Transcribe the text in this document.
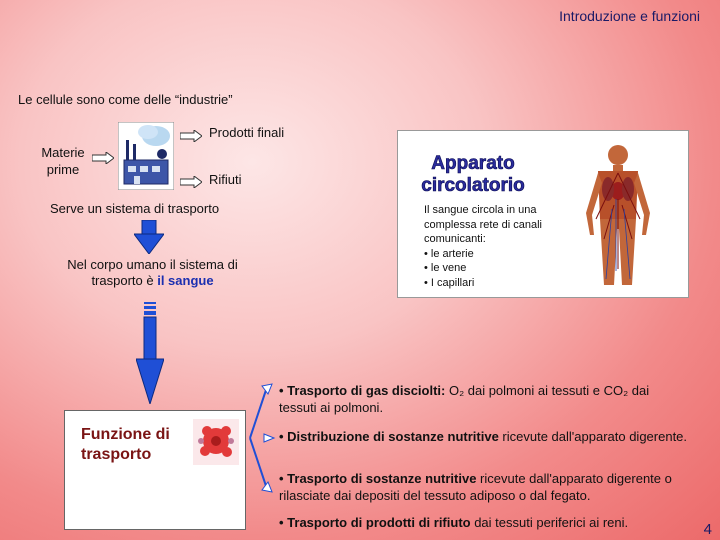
Introduzione e funzioni
Le cellule sono come delle “industrie”
Materie
prime
Prodotti finali
Rifiuti
Serve un sistema di trasporto
Nel corpo umano il sistema di trasporto è il sangue
Apparato
circolatorio
Il sangue circola in una complessa rete di canali comunicanti:
• le arterie
• le vene
• I capillari
Funzione di
trasporto
• Trasporto di gas disciolti: O₂ dai polmoni ai tessuti e CO₂ dai tessuti ai polmoni.
• Distribuzione di sostanze nutritive ricevute dall'apparato digerente.
• Trasporto di sostanze nutritive ricevute dall'apparato digerente o rilasciate dai depositi del tessuto adiposo o dal fegato.
• Trasporto di prodotti di rifiuto dai tessuti periferici ai reni.	4
